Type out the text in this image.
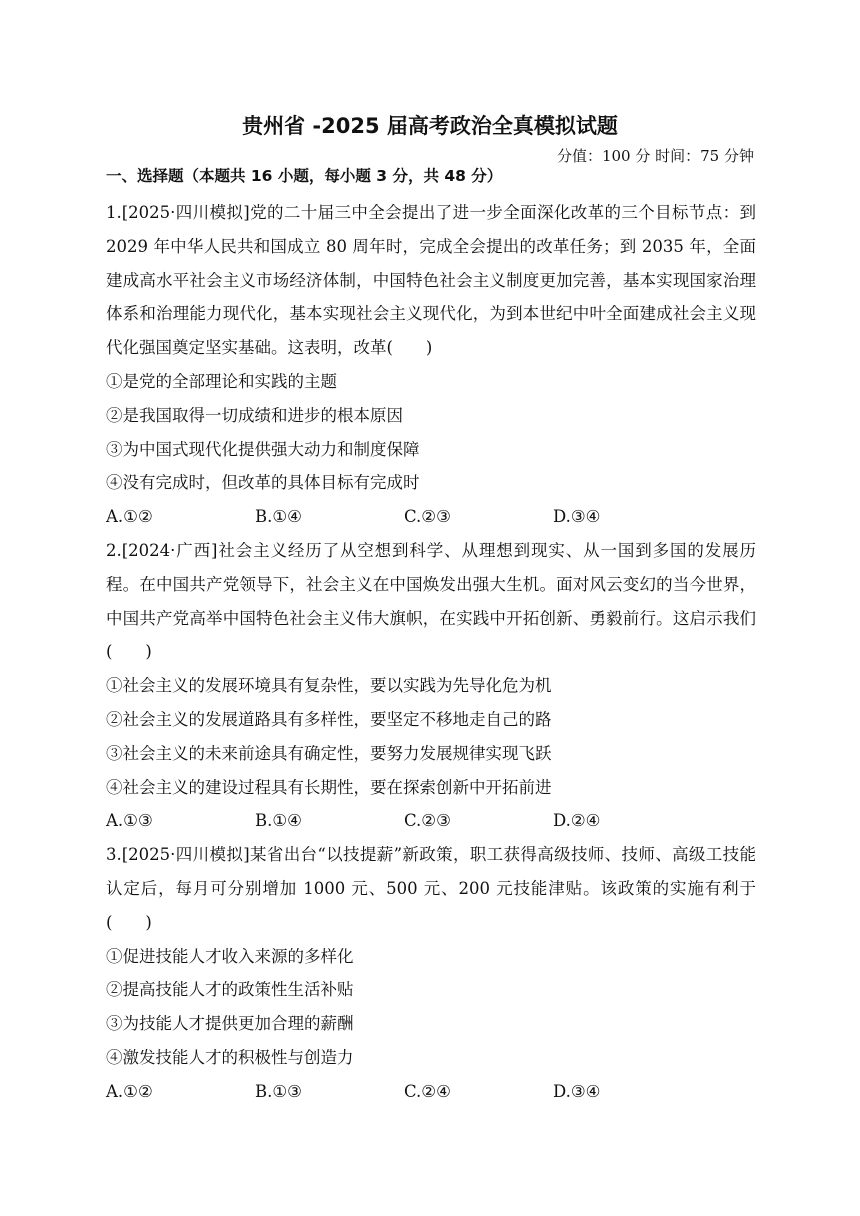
贵州省 -2025 届高考政治全真模拟试题
分值：100 分 时间：75 分钟
一、选择题（本题共 16 小题，每小题 3 分，共 48 分）
1.[2025·四川模拟]党的二十届三中全会提出了进一步全面深化改革的三个目标节点：到 2029 年中华人民共和国成立 80 周年时，完成全会提出的改革任务；到 2035 年，全面建成高水平社会主义市场经济体制，中国特色社会主义制度更加完善，基本实现国家治理体系和治理能力现代化，基本实现社会主义现代化，为到本世纪中叶全面建成社会主义现代化强国奠定坚实基础。这表明，改革(　　)
①是党的全部理论和实践的主题
②是我国取得一切成绩和进步的根本原因
③为中国式现代化提供强大动力和制度保障
④没有完成时，但改革的具体目标有完成时
A.①②	B.①④	C.②③	D.③④
2.[2024·广西]社会主义经历了从空想到科学、从理想到现实、从一国到多国的发展历程。在中国共产党领导下，社会主义在中国焕发出强大生机。面对风云变幻的当今世界，中国共产党高举中国特色社会主义伟大旗帜，在实践中开拓创新、勇毅前行。这启示我们(　　)
①社会主义的发展环境具有复杂性，要以实践为先导化危为机
②社会主义的发展道路具有多样性，要坚定不移地走自己的路
③社会主义的未来前途具有确定性，要努力发展规律实现飞跃
④社会主义的建设过程具有长期性，要在探索创新中开拓前进
A.①③	B.①④	C.②③	D.②④
3.[2025·四川模拟]某省出台“以技提薪”新政策，职工获得高级技师、技师、高级工技能认定后，每月可分别增加 1000 元、500 元、200 元技能津贴。该政策的实施有利于(　　)
①促进技能人才收入来源的多样化
②提高技能人才的政策性生活补贴
③为技能人才提供更加合理的薪酬
④激发技能人才的积极性与创造力
A.①②	B.①③	C.②④	D.③④
